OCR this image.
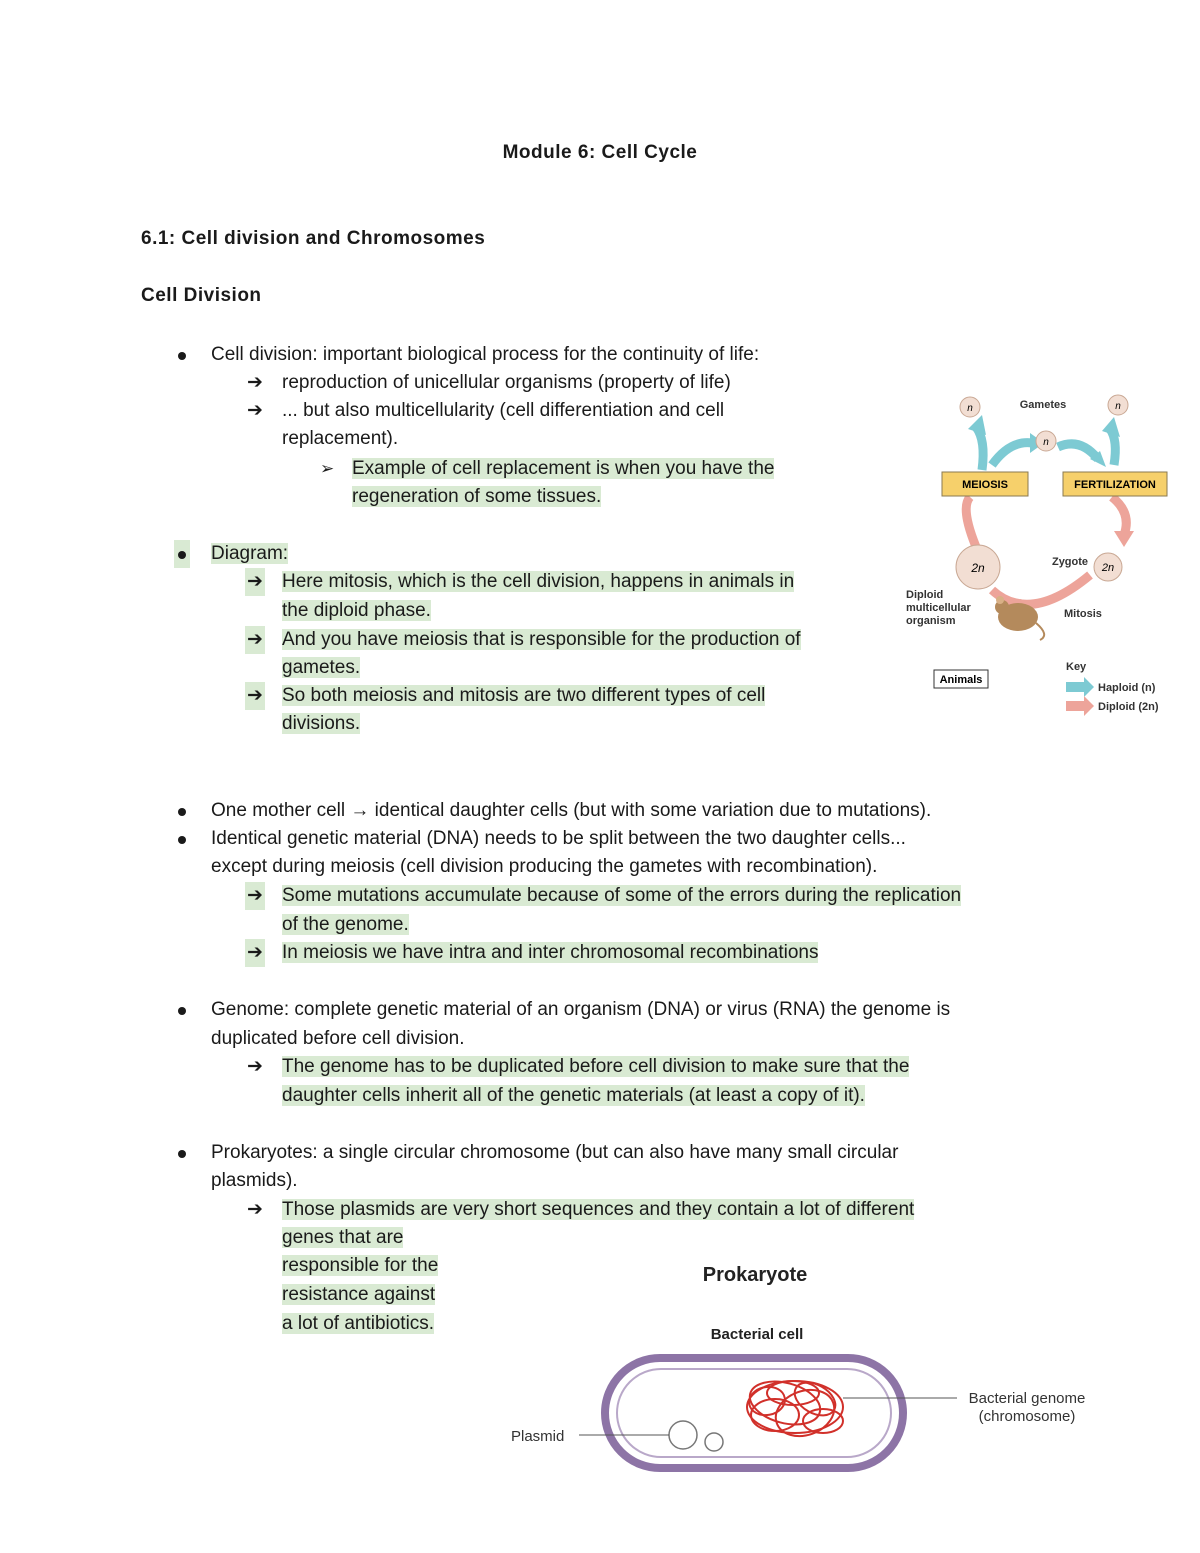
Module 6: Cell Cycle
6.1: Cell division and Chromosomes
Cell Division
Cell division: important biological process for the continuity of life:
➔ reproduction of unicellular organisms (property of life)
➔ ... but also multicellularity (cell differentiation and cell
replacement).
➢ Example of cell replacement is when you have the
regeneration of some tissues.
Diagram:
➔ Here mitosis, which is the cell division, happens in animals in
the diploid phase.
➔ And you have meiosis that is responsible for the production of
gametes.
➔ So both meiosis and mitosis are two different types of cell
divisions.
One mother cell → identical daughter cells (but with some variation due to mutations).
Identical genetic material (DNA) needs to be split between the two daughter cells...
except during meiosis (cell division producing the gametes with recombination).
➔ Some mutations accumulate because of some of the errors during the replication
of the genome.
➔ In meiosis we have intra and inter chromosomal recombinations
Genome: complete genetic material of an organism (DNA) or virus (RNA) the genome is
duplicated before cell division.
➔ The genome has to be duplicated before cell division to make sure that the
daughter cells inherit all of the genetic materials (at least a copy of it).
Prokaryotes: a single circular chromosome (but can also have many small circular
plasmids).
➔ Those plasmids are very short sequences and they contain a lot of different
genes that are
responsible for the
resistance against
a lot of antibiotics.
n	n
n
Gametes
MEIOSIS	FERTILIZATION
2n	2n
Zygote
Diploid
multicellular
organism
Mitosis
Animals
Key
Haploid (n)
Diploid (2n)
Prokaryote
Bacterial cell
Plasmid
Bacterial genome
(chromosome)
